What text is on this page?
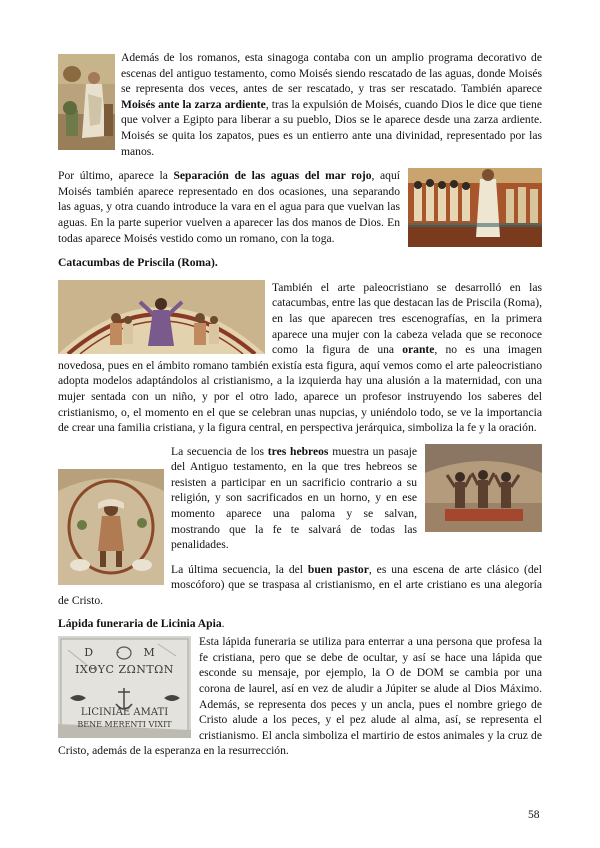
Además de los romanos, esta sinagoga contaba con un amplio programa decorativo de escenas del antiguo testamento, como Moisés siendo rescatado de las aguas, donde Moisés se representa dos veces, antes de ser rescatado, y tras ser rescatado. También aparece Moisés ante la zarza ardiente, tras la expulsión de Moisés, cuando Dios le dice que tiene que volver a Egipto para liberar a su pueblo, Dios se le aparece desde una zarza ardiente. Moisés se quita los zapatos, pues es un entierro ante una divinidad, representado por las manos.

Por último, aparece la Separación de las aguas del mar rojo, aquí Moisés también aparece representado en dos ocasiones, una separando las aguas, y otra cuando introduce la vara en el agua para que vuelvan las aguas. En la parte superior vuelven a aparecer las dos manos de Dios. En todas aparece Moisés vestido como un romano, con la toga.

Catacumbas de Priscila (Roma).

También el arte paleocristiano se desarrolló en las catacumbas, entre las que destacan las de Priscila (Roma), en las que aparecen tres escenografías, en la primera aparece una mujer con la cabeza velada que se reconoce como la figura de una orante, no es una imagen novedosa, pues en el ámbito romano también existía esta figura, aquí vemos como el arte paleocristiano adopta modelos adaptándolos al cristianismo, a la izquierda hay una alusión a la maternidad, con una mujer sentada con un niño, y por el otro lado, aparece un profesor instruyendo los saberes del cristianismo, o, el momento en el que se celebran unas nupcias, y uniéndolo todo, se ve la importancia de crear una familia cristiana, y la figura central, en perspectiva jerárquica, simboliza la fe y la oración.

La secuencia de los tres hebreos muestra un pasaje del Antiguo testamento, en la que tres hebreos se resisten a participar en un sacrificio contrario a su religión, y son sacrificados en un horno, y en ese momento aparece una paloma y se salvan, mostrando que la fe te salvará de todas las penalidades.

La última secuencia, la del buen pastor, es una escena de arte clásico (del moscóforo) que se traspasa al cristianismo, en el arte cristiano es una alegoría de Cristo.

Lápida funeraria de Licinia Apia.

D · M
ΙΧΘΥC ΖΩΝΤΩΝ
LICINIAE AMATI
BENE MERENTI VIXIT

Esta lápida funeraria se utiliza para enterrar a una persona que profesa la fe cristiana, pero que se debe de ocultar, y así se hace una lápida que esconde su mensaje, por ejemplo, la O de DOM se cambia por una corona de laurel, así en vez de aludir a Júpiter se alude al Dios Máximo. Además, se representa dos peces y un ancla, pues el nombre griego de Cristo alude a los peces, y el pez alude al alma, así, se representa el cristianismo. El ancla simboliza el martirio de estos animales y la cruz de Cristo, además de la esperanza en la resurrección.

58
